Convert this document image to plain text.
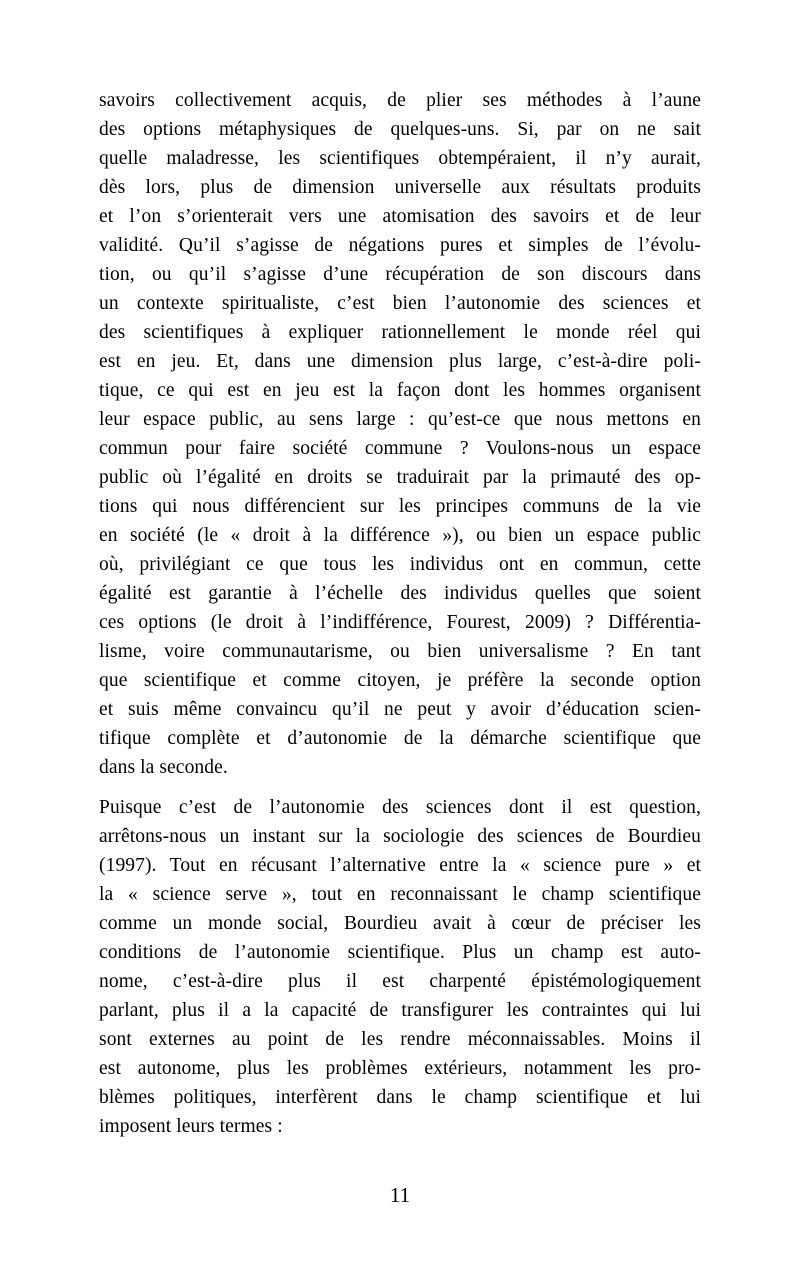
savoirs collectivement acquis, de plier ses méthodes à l’aune
des options métaphysiques de quelques-uns. Si, par on ne sait
quelle maladresse, les scientifiques obtempéraient, il n’y aurait,
dès lors, plus de dimension universelle aux résultats produits
et l’on s’orienterait vers une atomisation des savoirs et de leur
validité. Qu’il s’agisse de négations pures et simples de l’évolu-
tion, ou qu’il s’agisse d’une récupération de son discours dans
un contexte spiritualiste, c’est bien l’autonomie des sciences et
des scientifiques à expliquer rationnellement le monde réel qui
est en jeu. Et, dans une dimension plus large, c’est-à-dire poli-
tique, ce qui est en jeu est la façon dont les hommes organisent
leur espace public, au sens large : qu’est-ce que nous mettons en
commun pour faire société commune ? Voulons-nous un espace
public où l’égalité en droits se traduirait par la primauté des op-
tions qui nous différencient sur les principes communs de la vie
en société (le « droit à la différence »), ou bien un espace public
où, privilégiant ce que tous les individus ont en commun, cette
égalité est garantie à l’échelle des individus quelles que soient
ces options (le droit à l’indifférence, Fourest, 2009) ? Différentia-
lisme, voire communautarisme, ou bien universalisme ? En tant
que scientifique et comme citoyen, je préfère la seconde option
et suis même convaincu qu’il ne peut y avoir d’éducation scien-
tifique complète et d’autonomie de la démarche scientifique que
dans la seconde.
Puisque c’est de l’autonomie des sciences dont il est question,
arrêtons-nous un instant sur la sociologie des sciences de Bourdieu
(1997). Tout en récusant l’alternative entre la « science pure » et
la « science serve », tout en reconnaissant le champ scientifique
comme un monde social, Bourdieu avait à cœur de préciser les
conditions de l’autonomie scientifique. Plus un champ est auto-
nome, c’est-à-dire plus il est charpenté épistémologiquement
parlant, plus il a la capacité de transfigurer les contraintes qui lui
sont externes au point de les rendre méconnaissables. Moins il
est autonome, plus les problèmes extérieurs, notamment les pro-
blèmes politiques, interfèrent dans le champ scientifique et lui
imposent leurs termes :
11
